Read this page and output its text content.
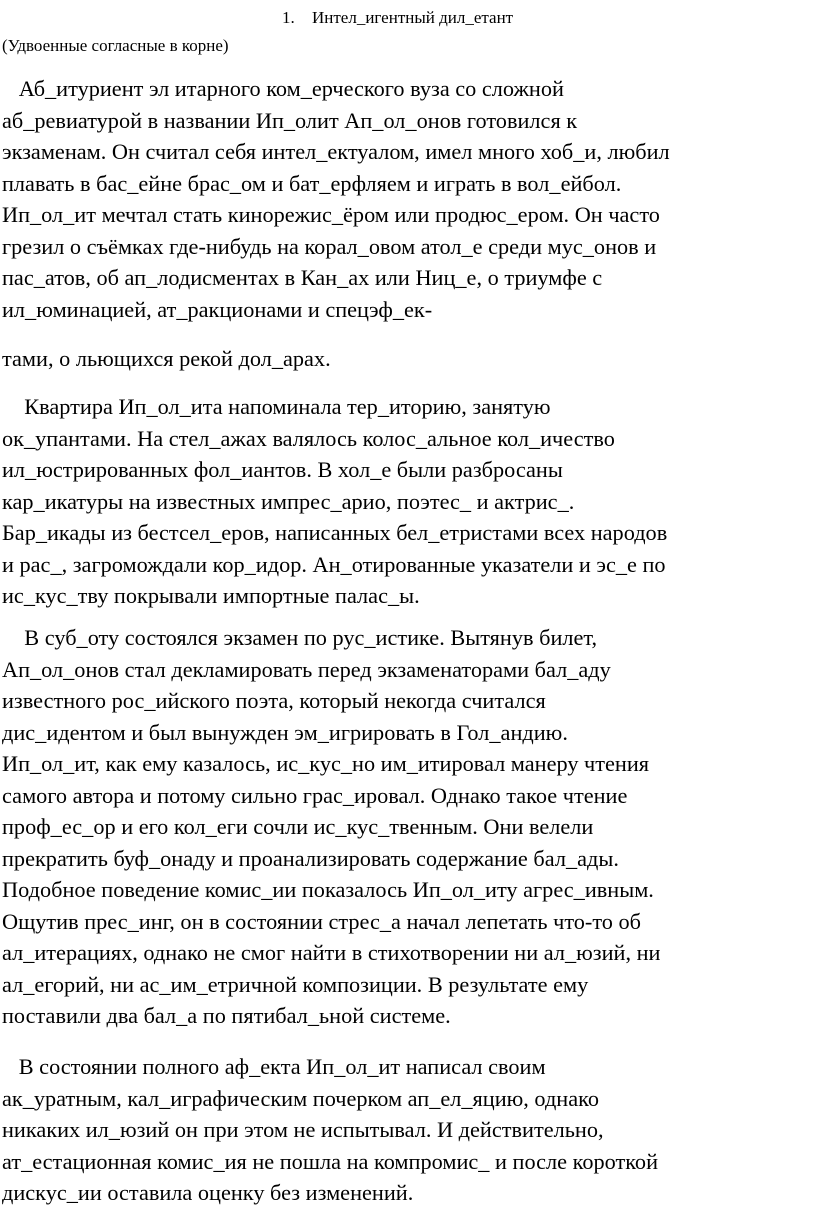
1. Интел_игентный дил_етант
(Удвоенные согласные в корне)
Аб_итуриент эл итарного ком_ерческого вуза со сложной
аб_ревиатурой в названии Ип_олит Ап_ол_онов готовился к
экзаменам. Он считал себя интел_ектуалом, имел много хоб_и, любил
плавать в бас_ейне брас_ом и бат_ерфляем и играть в вол_ейбол.
Ип_ол_ит мечтал стать кинорежис_ёром или продюс_ером. Он часто
грезил о съёмках где-нибудь на корал_овом атол_е среди мус_онов и
пас_атов, об ап_лодисментах в Кан_ах или Ниц_е, о триумфе с
ил_юминацией, ат_ракционами и спецэф_ек-
тами, о льющихся рекой дол_арах.
Квартира Ип_ол_ита напоминала тер_иторию, занятую
ок_упантами. На стел_ажах валялось колос_альное кол_ичество
ил_юстрированных фол_иантов. В хол_е были разбросаны
кар_икатуры на известных импрес_арио, поэтес_ и актрис_.
Бар_икады из бестсел_еров, написанных бел_етристами всех народов
и рас_, загромождали кор_идор. Ан_отированные указатели и эс_е по
ис_кус_тву покрывали импортные палас_ы.
В суб_оту состоялся экзамен по рус_истике. Вытянув билет,
Ап_ол_онов стал декламировать перед экзаменаторами бал_аду
известного рос_ийского поэта, который некогда считался
дис_идентом и был вынужден эм_игрировать в Гол_андию.
Ип_ол_ит, как ему казалось, ис_кус_но им_итировал манеру чтения
самого автора и потому сильно грас_ировал. Однако такое чтение
проф_ес_ор и его кол_еги сочли ис_кус_твенным. Они велели
прекратить буф_онаду и проанализировать содержание бал_ады.
Подобное поведение комис_ии показалось Ип_ол_иту агрес_ивным.
Ощутив прес_инг, он в состоянии стрес_а начал лепетать что-то об
ал_итерациях, однако не смог найти в стихотворении ни ал_юзий, ни
ал_егорий, ни ас_им_етричной композиции. В результате ему
поставили два бал_а по пятибал_ьной системе.
В состоянии полного аф_екта Ип_ол_ит написал своим
ак_уратным, кал_играфическим почерком ап_ел_яцию, однако
никаких ил_юзий он при этом не испытывал. И действительно,
ат_естационная комис_ия не пошла на компромис_ и после короткой
дискус_ии оставила оценку без изменений.
